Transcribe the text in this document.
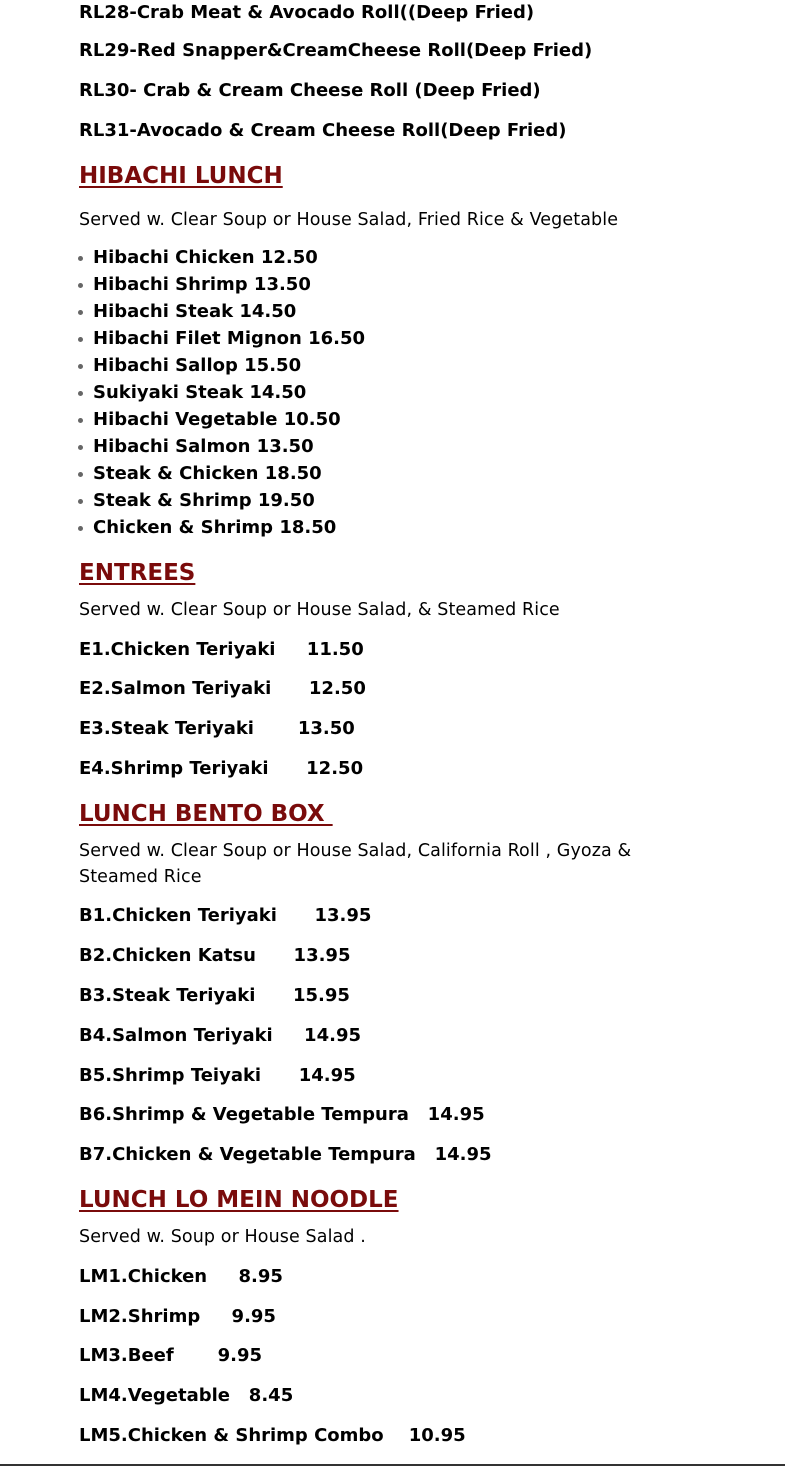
RL28-Crab Meat & Avocado Roll((Deep Fried)

RL29-Red Snapper&CreamCheese Roll(Deep Fried)

RL30- Crab & Cream Cheese Roll (Deep Fried)

RL31-Avocado & Cream Cheese Roll(Deep Fried)

HIBACHI LUNCH

Served w. Clear Soup or House Salad, Fried Rice & Vegetable

Hibachi Chicken 12.50
Hibachi Shrimp 13.50
Hibachi Steak 14.50
Hibachi Filet Mignon 16.50
Hibachi Sallop 15.50
Sukiyaki Steak 14.50
Hibachi Vegetable 10.50
Hibachi Salmon 13.50
Steak & Chicken 18.50
Steak & Shrimp 19.50
Chicken & Shrimp 18.50
ENTREES

Served w. Clear Soup or House Salad, & Steamed Rice

E1.Chicken Teriyaki     11.50

E2.Salmon Teriyaki      12.50

E3.Steak Teriyaki       13.50

E4.Shrimp Teriyaki      12.50

LUNCH BENTO BOX

Served w. Clear Soup or House Salad, California Roll , Gyoza & Steamed Rice

B1.Chicken Teriyaki      13.95

B2.Chicken Katsu      13.95

B3.Steak Teriyaki      15.95

B4.Salmon Teriyaki     14.95

B5.Shrimp Teiyaki      14.95

B6.Shrimp & Vegetable Tempura   14.95

B7.Chicken & Vegetable Tempura   14.95

LUNCH LO MEIN NOODLE

Served w. Soup or House Salad .

LM1.Chicken     8.95

LM2.Shrimp     9.95

LM3.Beef       9.95

LM4.Vegetable   8.45

LM5.Chicken & Shrimp Combo    10.95
